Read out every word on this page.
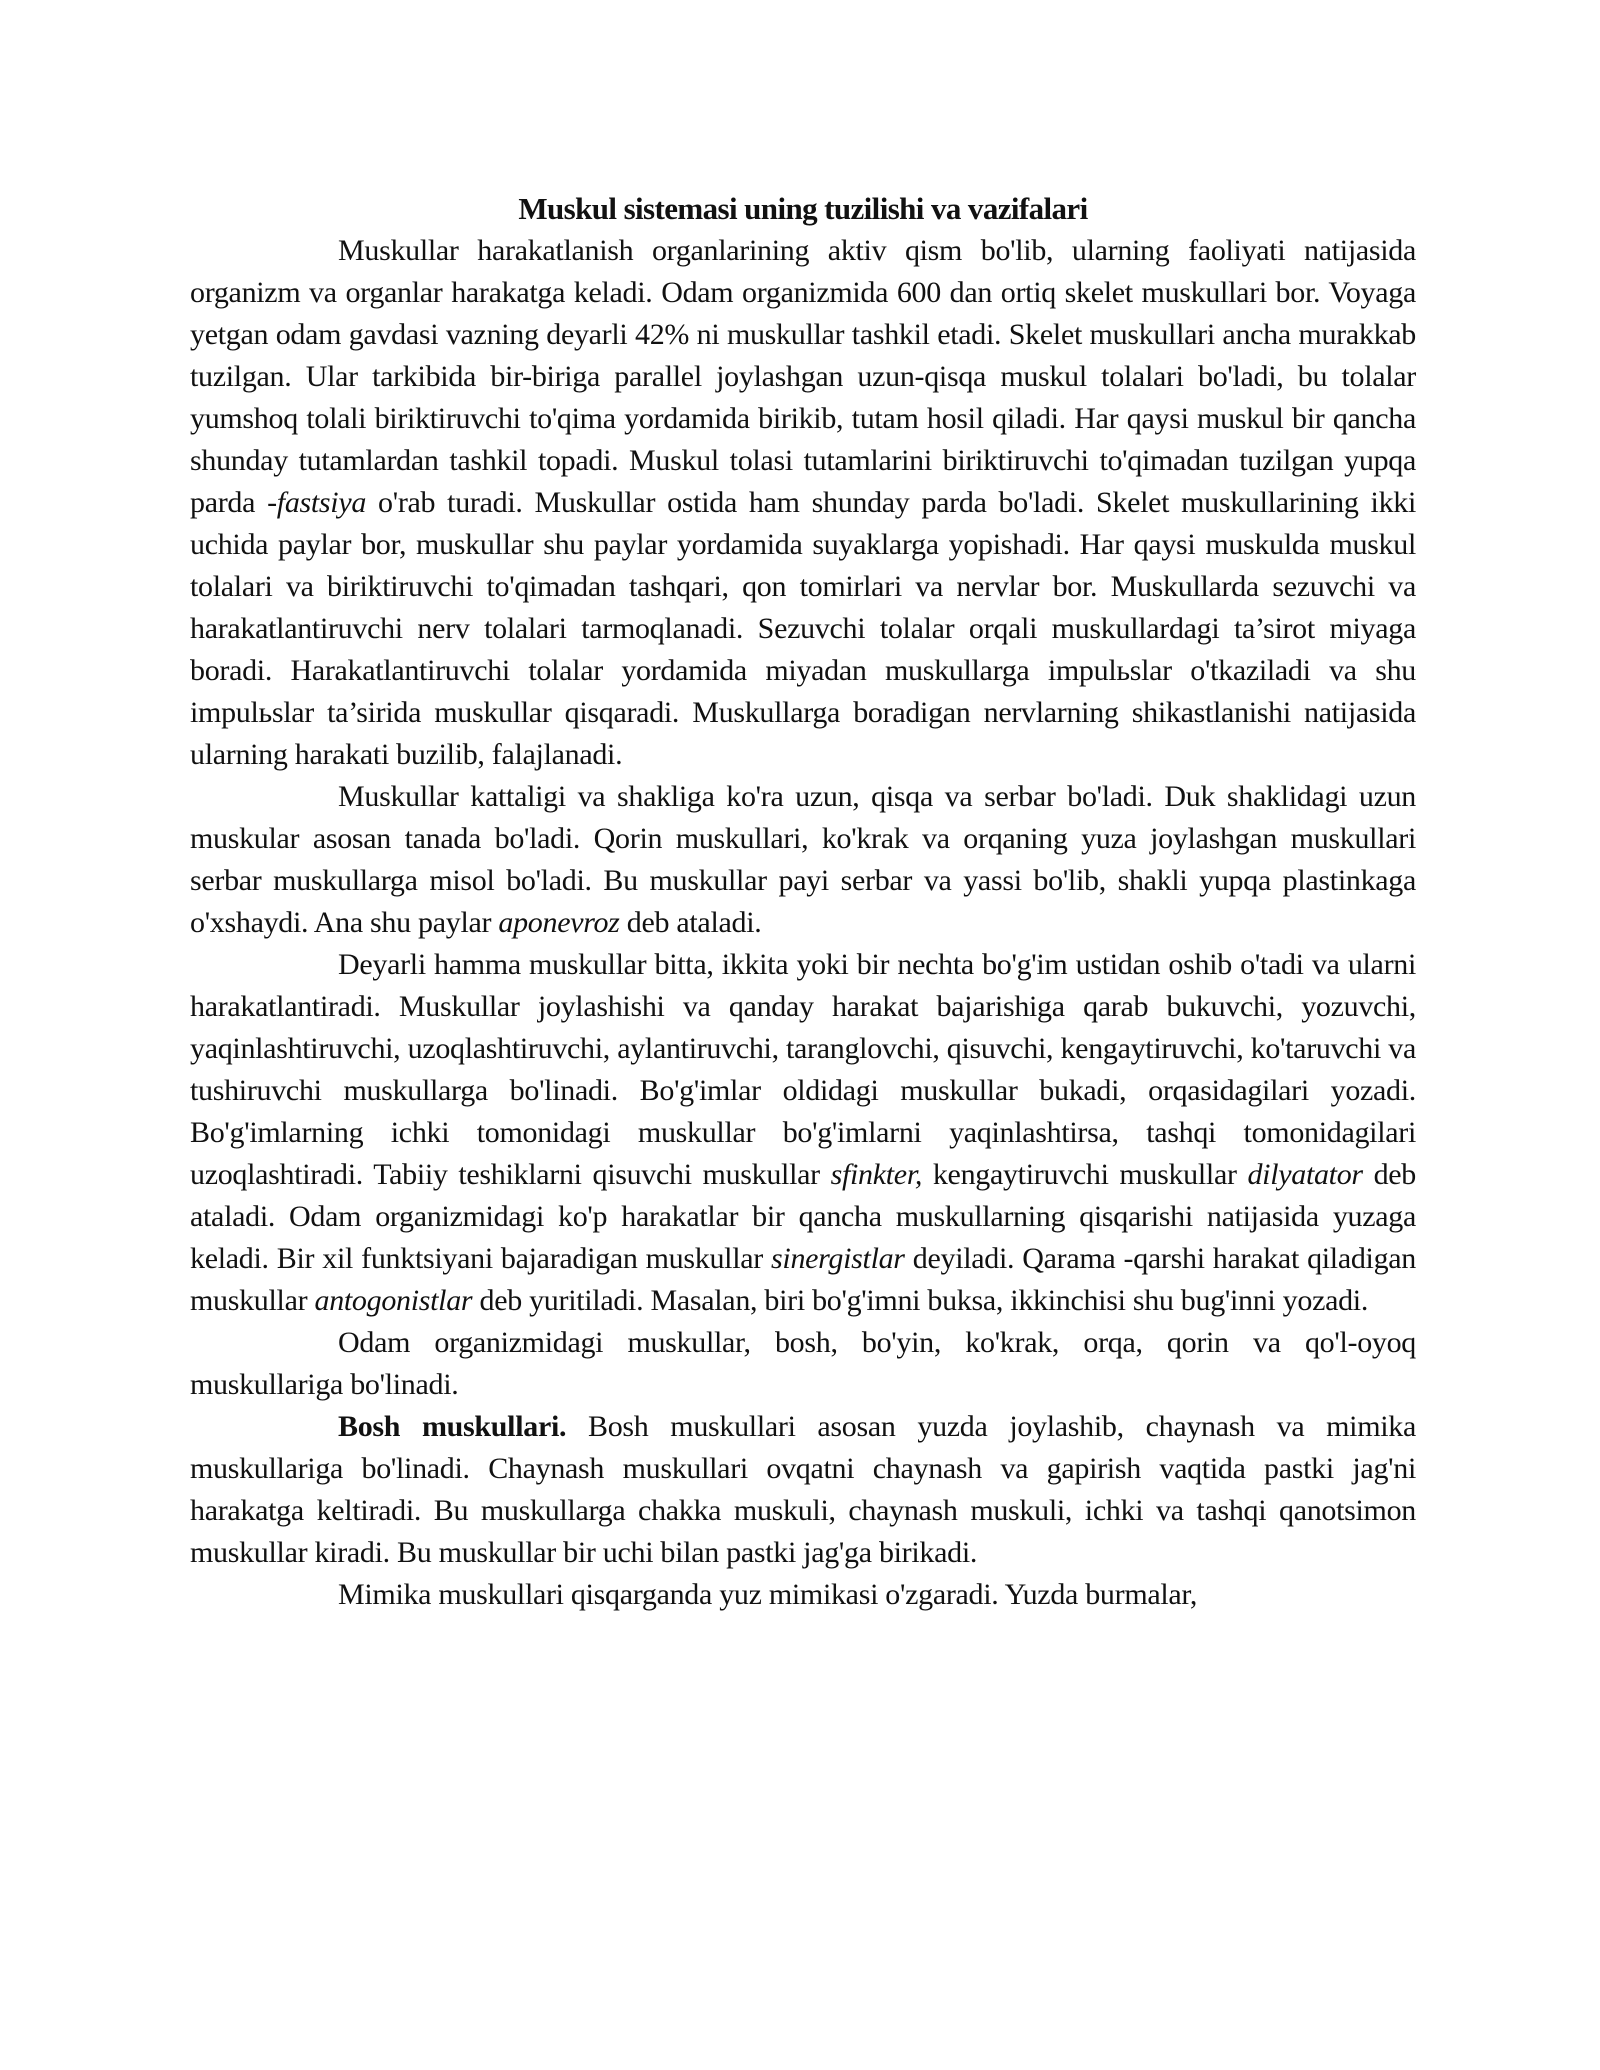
Muskul sistemasi uning tuzilishi va vazifalari

Muskullar harakatlanish organlarining aktiv qism bo'lib, ularning faoliyati natijasida organizm va organlar harakatga keladi. Odam organizmida 600 dan ortiq skelet muskullari bor. Voyaga yetgan odam gavdasi vazning deyarli 42% ni muskullar tashkil etadi. Skelet muskullari ancha murakkab tuzilgan. Ular tarkibida bir-biriga parallel joylashgan uzun-qisqa muskul tolalari bo'ladi, bu tolalar yumshoq tolali biriktiruvchi to'qima yordamida birikib, tutam hosil qiladi. Har qaysi muskul bir qancha shunday tutamlardan tashkil topadi. Muskul tolasi tutamlarini biriktiruvchi to'qimadan tuzilgan yupqa parda -fastsiya o'rab turadi. Muskullar ostida ham shunday parda bo'ladi. Skelet muskullarining ikki uchida paylar bor, muskullar shu paylar yordamida suyaklarga yopishadi. Har qaysi muskulda muskul tolalari va biriktiruvchi to'qimadan tashqari, qon tomirlari va nervlar bor. Muskullarda sezuvchi va harakatlantiruvchi nerv tolalari tarmoqlanadi. Sezuvchi tolalar orqali muskullardagi ta’sirot miyaga boradi. Harakatlantiruvchi tolalar yordamida miyadan muskullarga impulьslar o'tkaziladi va shu impulьslar ta’sirida muskullar qisqaradi. Muskullarga boradigan nervlarning shikastlanishi natijasida ularning harakati buzilib, falajlanadi.

Muskullar kattaligi va shakliga ko'ra uzun, qisqa va serbar bo'ladi. Duk shaklidagi uzun muskular asosan tanada bo'ladi. Qorin muskullari, ko'krak va orqaning yuza joylashgan muskullari serbar muskullarga misol bo'ladi. Bu muskullar payi serbar va yassi bo'lib, shakli yupqa plastinkaga o'xshaydi. Ana shu paylar aponevroz deb ataladi.

Deyarli hamma muskullar bitta, ikkita yoki bir nechta bo'g'im ustidan oshib o'tadi va ularni harakatlantiradi. Muskullar joylashishi va qanday harakat bajarishiga qarab bukuvchi, yozuvchi, yaqinlashtiruvchi, uzoqlashtiruvchi, aylantiruvchi, taranglovchi, qisuvchi, kengaytiruvchi, ko'taruvchi va tushiruvchi muskullarga bo'linadi. Bo'g'imlar oldidagi muskullar bukadi, orqasidagilari yozadi. Bo'g'imlarning ichki tomonidagi muskullar bo'g'imlarni yaqinlashtirsa, tashqi tomonidagilari uzoqlashtiradi. Tabiiy teshiklarni qisuvchi muskullar sfinkter, kengaytiruvchi muskullar dilyatator deb ataladi. Odam organizmidagi ko'p harakatlar bir qancha muskullarning qisqarishi natijasida yuzaga keladi. Bir xil funktsiyani bajaradigan muskullar sinergistlar deyiladi. Qarama -qarshi harakat qiladigan muskullar antogonistlar deb yuritiladi. Masalan, biri bo'g'imni buksa, ikkinchisi shu bug'inni yozadi.

Odam organizmidagi muskullar, bosh, bo'yin, ko'krak, orqa, qorin va qo'l-oyoq muskullariga bo'linadi.

Bosh muskullari. Bosh muskullari asosan yuzda joylashib, chaynash va mimika muskullariga bo'linadi. Chaynash muskullari ovqatni chaynash va gapirish vaqtida pastki jag'ni harakatga keltiradi. Bu muskullarga chakka muskuli, chaynash muskuli, ichki va tashqi qanotsimon muskullar kiradi. Bu muskullar bir uchi bilan pastki jag'ga birikadi.

Mimika muskullari qisqarganda yuz mimikasi o'zgaradi. Yuzda burmalar,
